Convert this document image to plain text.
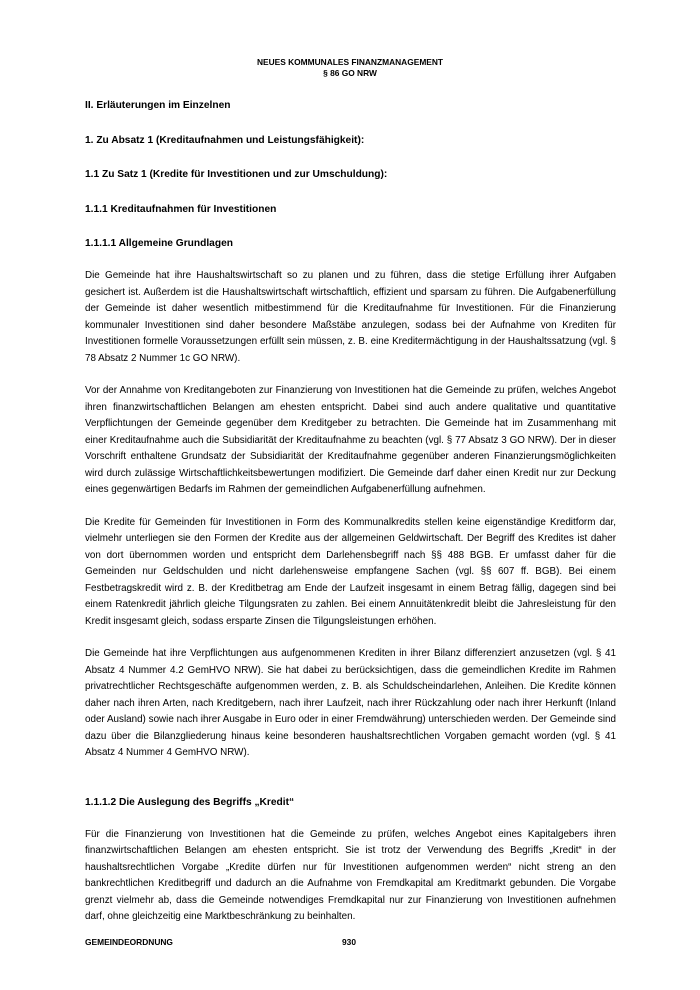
NEUES KOMMUNALES FINANZMANAGEMENT
§ 86 GO NRW
II. Erläuterungen im Einzelnen
1. Zu Absatz 1 (Kreditaufnahmen und Leistungsfähigkeit):
1.1 Zu Satz 1 (Kredite für Investitionen und zur Umschuldung):
1.1.1 Kreditaufnahmen für Investitionen
1.1.1.1 Allgemeine Grundlagen

Die Gemeinde hat ihre Haushaltswirtschaft so zu planen und zu führen, dass die stetige Erfüllung ihrer Aufgaben gesichert ist. Außerdem ist die Haushaltswirtschaft wirtschaftlich, effizient und sparsam zu führen. Die Aufgabenerfüllung der Gemeinde ist daher wesentlich mitbestimmend für die Kreditaufnahme für Investitionen. Für die Finanzierung kommunaler Investitionen sind daher besondere Maßstäbe anzulegen, sodass bei der Aufnahme von Krediten für Investitionen formelle Voraussetzungen erfüllt sein müssen, z. B. eine Kreditermächtigung in der Haushaltssatzung (vgl. § 78 Absatz 2 Nummer 1c GO NRW).

Vor der Annahme von Kreditangeboten zur Finanzierung von Investitionen hat die Gemeinde zu prüfen, welches Angebot ihren finanzwirtschaftlichen Belangen am ehesten entspricht. Dabei sind auch andere qualitative und quantitative Verpflichtungen der Gemeinde gegenüber dem Kreditgeber zu betrachten. Die Gemeinde hat im Zusammenhang mit einer Kreditaufnahme auch die Subsidiarität der Kreditaufnahme zu beachten (vgl. § 77 Absatz 3 GO NRW). Der in dieser Vorschrift enthaltene Grundsatz der Subsidiarität der Kreditaufnahme gegenüber anderen Finanzierungsmöglichkeiten wird durch zulässige Wirtschaftlichkeitsbewertungen modifiziert. Die Gemeinde darf daher einen Kredit nur zur Deckung eines gegenwärtigen Bedarfs im Rahmen der gemeindlichen Aufgabenerfüllung aufnehmen.

Die Kredite für Gemeinden für Investitionen in Form des Kommunalkredits stellen keine eigenständige Kreditform dar, vielmehr unterliegen sie den Formen der Kredite aus der allgemeinen Geldwirtschaft. Der Begriff des Kredites ist daher von dort übernommen worden und entspricht dem Darlehensbegriff nach §§ 488 BGB. Er umfasst daher für die Gemeinden nur Geldschulden und nicht darlehensweise empfangene Sachen (vgl. §§ 607 ff. BGB). Bei einem Festbetragskredit wird z. B. der Kreditbetrag am Ende der Laufzeit insgesamt in einem Betrag fällig, dagegen sind bei einem Ratenkredit jährlich gleiche Tilgungsraten zu zahlen. Bei einem Annuitätenkredit bleibt die Jahresleistung für den Kredit insgesamt gleich, sodass ersparte Zinsen die Tilgungsleistungen erhöhen.

Die Gemeinde hat ihre Verpflichtungen aus aufgenommenen Krediten in ihrer Bilanz differenziert anzusetzen (vgl. § 41 Absatz 4 Nummer 4.2 GemHVO NRW). Sie hat dabei zu berücksichtigen, dass die gemeindlichen Kredite im Rahmen privatrechtlicher Rechtsgeschäfte aufgenommen werden, z. B. als Schuldscheindarlehen, Anleihen. Die Kredite können daher nach ihren Arten, nach Kreditgebern, nach ihrer Laufzeit, nach ihrer Rückzahlung oder nach ihrer Herkunft (Inland oder Ausland) sowie nach ihrer Ausgabe in Euro oder in einer Fremdwährung) unterschieden werden. Der Gemeinde sind dazu über die Bilanzgliederung hinaus keine besonderen haushaltsrechtlichen Vorgaben gemacht worden (vgl. § 41 Absatz 4 Nummer 4 GemHVO NRW).

1.1.1.2 Die Auslegung des Begriffs „Kredit“

Für die Finanzierung von Investitionen hat die Gemeinde zu prüfen, welches Angebot eines Kapitalgebers ihren finanzwirtschaftlichen Belangen am ehesten entspricht. Sie ist trotz der Verwendung des Begriffs „Kredit“ in der haushaltsrechtlichen Vorgabe „Kredite dürfen nur für Investitionen aufgenommen werden“ nicht streng an den bankrechtlichen Kreditbegriff und dadurch an die Aufnahme von Fremdkapital am Kreditmarkt gebunden. Die Vorgabe grenzt vielmehr ab, dass die Gemeinde notwendiges Fremdkapital nur zur Finanzierung von Investitionen aufnehmen darf, ohne gleichzeitig eine Marktbeschränkung zu beinhalten.

GEMEINDEORDNUNG	930
